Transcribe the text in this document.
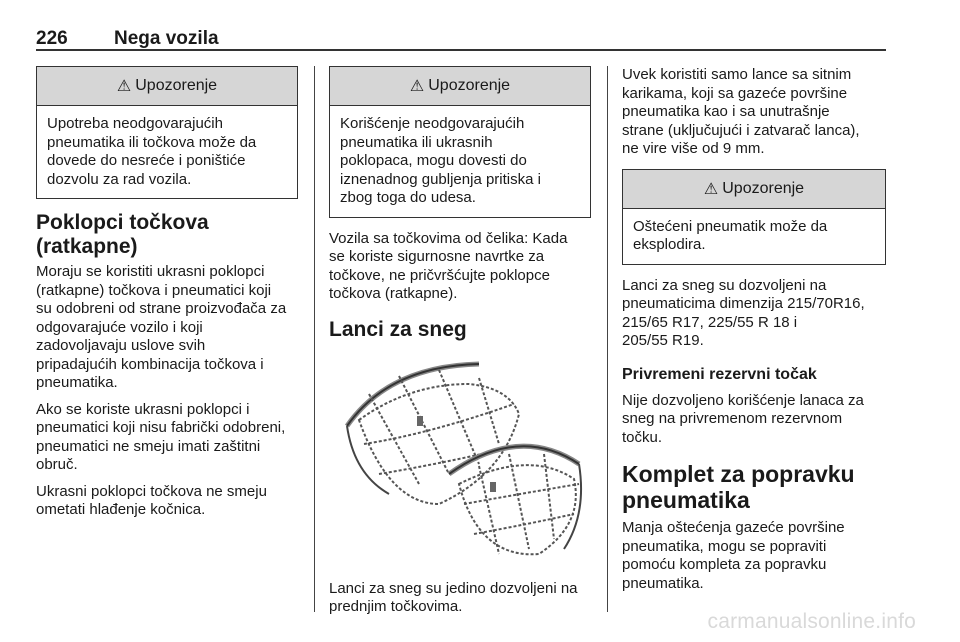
226 Nega vozila
⚠ Upozorenje
Upotreba neodgovarajućih
pneumatika ili točkova može da
dovede do nesreće i poništiće
dozvolu za rad vozila.
Poklopci točkova (ratkapne)
Moraju se koristiti ukrasni poklopci
(ratkapne) točkova i pneumatici koji
su odobreni od strane proizvođača za
odgovarajuće vozilo i koji
zadovoljavaju uslove svih
pripadajućih kombinacija točkova i
pneumatika.
Ako se koriste ukrasni poklopci i
pneumatici koji nisu fabrički odobreni,
pneumatici ne smeju imati zaštitni
obruč.
Ukrasni poklopci točkova ne smeju
ometati hlađenje kočnica.
⚠ Upozorenje
Korišćenje neodgovarajućih
pneumatika ili ukrasnih
poklopaca, mogu dovesti do
iznenadnog gubljenja pritiska i
zbog toga do udesa.
Vozila sa točkovima od čelika: Kada
se koriste sigurnosne navrtke za
točkove, ne pričvršćujte poklopce
točkova (ratkapne).
Lanci za sneg
Lanci za sneg su jedino dozvoljeni na
prednjim točkovima.
Uvek koristiti samo lance sa sitnim
karikama, koji sa gazeće površine
pneumatika kao i sa unutrašnje
strane (uključujući i zatvarač lanca),
ne vire više od 9 mm.
⚠ Upozorenje
Oštećeni pneumatik može da
eksplodira.
Lanci za sneg su dozvoljeni na
pneumaticima dimenzija 215/70R16,
215/65 R17, 225/55 R 18 i
205/55 R19.
Privremeni rezervni točak
Nije dozvoljeno korišćenje lanaca za
sneg na privremenom rezervnom
točku.
Komplet za popravku
pneumatika
Manja oštećenja gazeće površine
pneumatika, mogu se popraviti
pomoću kompleta za popravku
pneumatika.
carmanualsonline.info
